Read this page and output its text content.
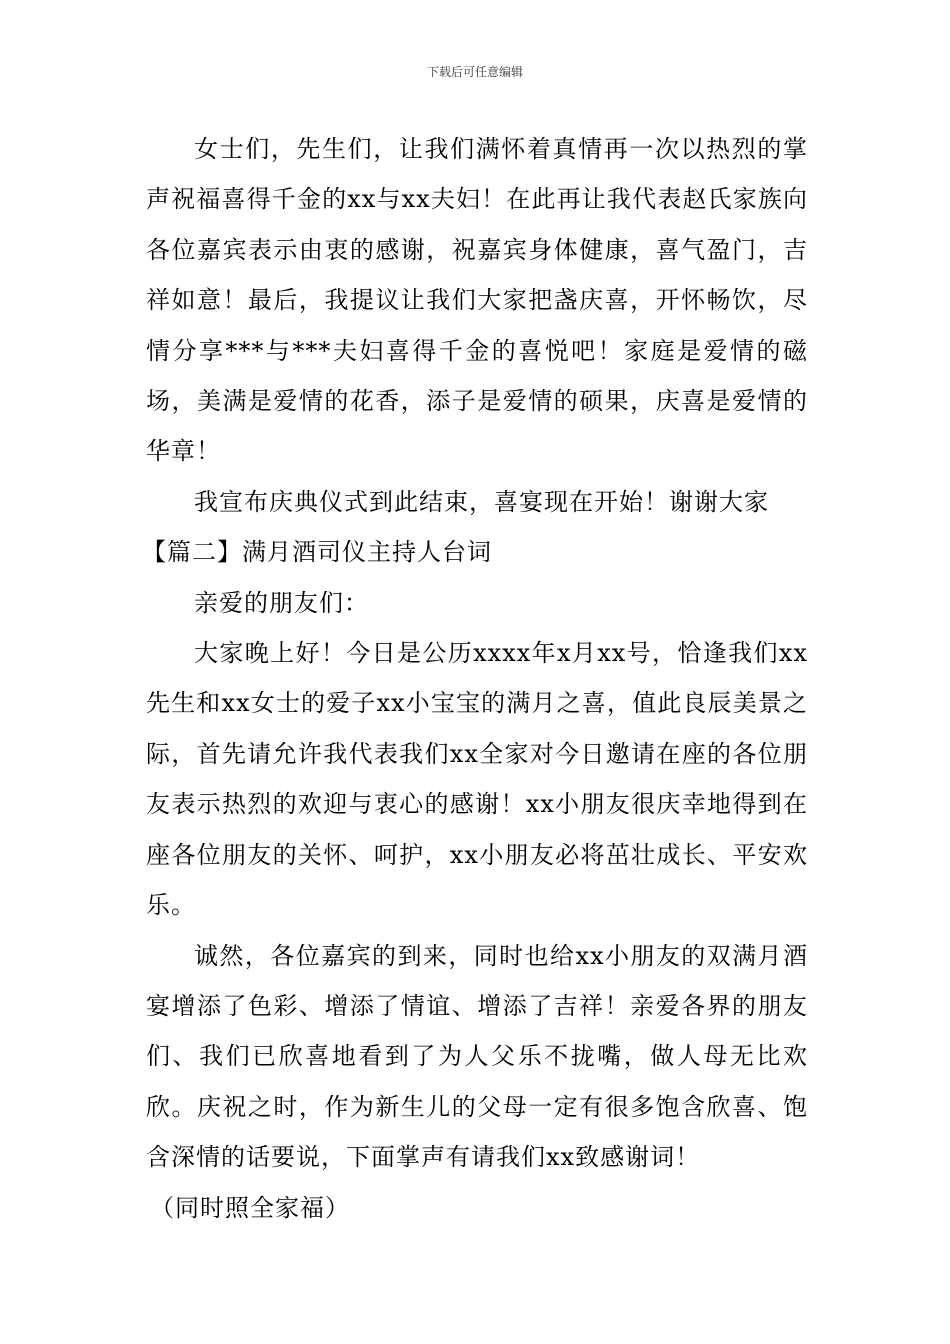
下载后可任意编辑

女士们，先生们，让我们满怀着真情再一次以热烈的掌声祝福喜得千金的xx与xx夫妇！在此再让我代表赵氏家族向各位嘉宾表示由衷的感谢，祝嘉宾身体健康，喜气盈门，吉祥如意！最后，我提议让我们大家把盏庆喜，开怀畅饮，尽情分享***与***夫妇喜得千金的喜悦吧！家庭是爱情的磁场，美满是爱情的花香，添子是爱情的硕果，庆喜是爱情的华章！

我宣布庆典仪式到此结束，喜宴现在开始！谢谢大家

【篇二】满月酒司仪主持人台词

亲爱的朋友们：

大家晚上好！今日是公历xxxx年x月xx号，恰逢我们xx先生和xx女士的爱子xx小宝宝的满月之喜，值此良辰美景之际，首先请允许我代表我们xx全家对今日邀请在座的各位朋友表示热烈的欢迎与衷心的感谢！xx小朋友很庆幸地得到在座各位朋友的关怀、呵护，xx小朋友必将茁壮成长、平安欢乐。

诚然，各位嘉宾的到来，同时也给xx小朋友的双满月酒宴增添了色彩、增添了情谊、增添了吉祥！亲爱各界的朋友们、我们已欣喜地看到了为人父乐不拢嘴，做人母无比欢欣。庆祝之时，作为新生儿的父母一定有很多饱含欣喜、饱含深情的话要说，下面掌声有请我们xx致感谢词！

（同时照全家福）
